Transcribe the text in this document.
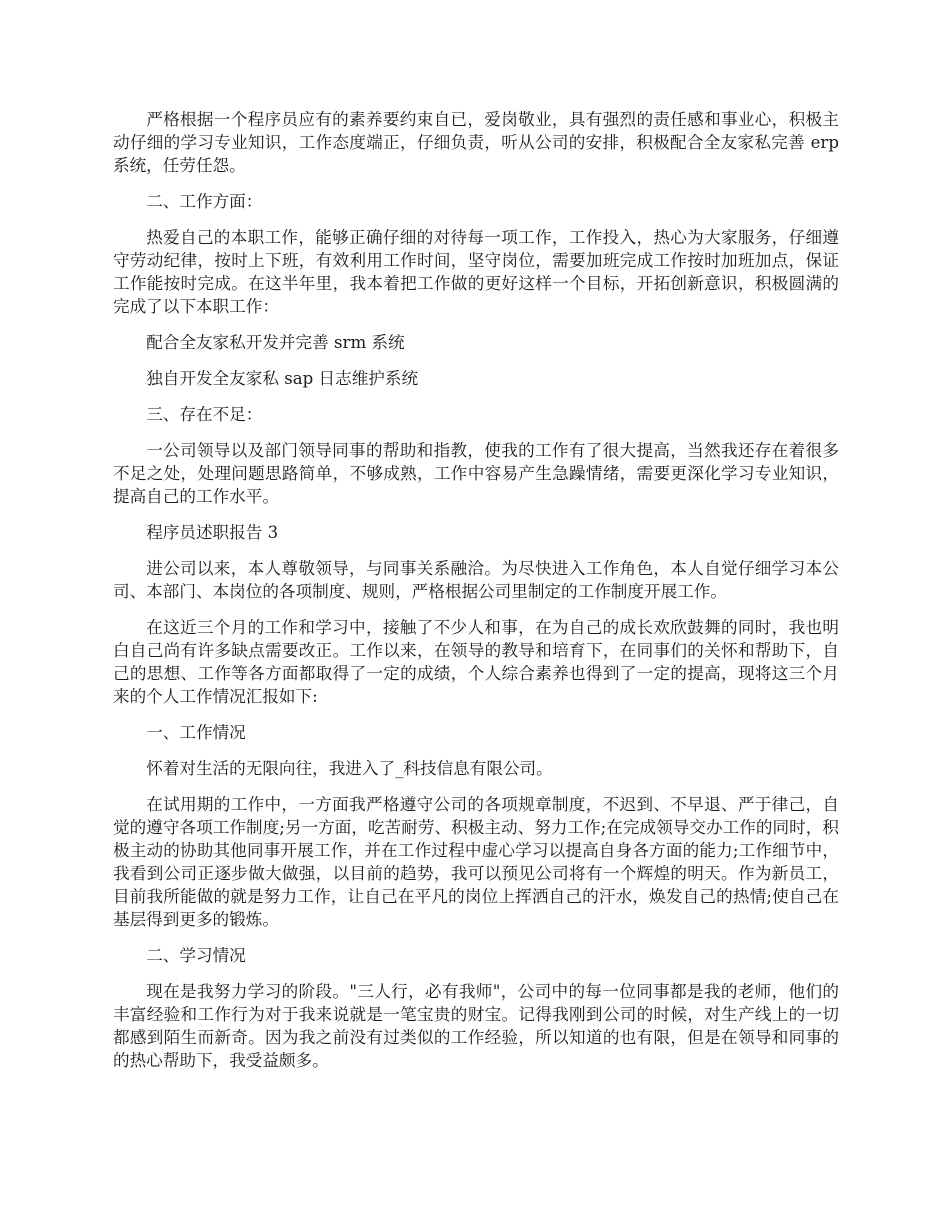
严格根据一个程序员应有的素养要约束自已，爱岗敬业，具有强烈的责任感和事业心，积极主动仔细的学习专业知识，工作态度端正，仔细负责，听从公司的安排，积极配合全友家私完善 erp 系统，任劳任怨。

二、工作方面：

热爱自己的本职工作，能够正确仔细的对待每一项工作，工作投入，热心为大家服务，仔细遵守劳动纪律，按时上下班，有效利用工作时间，坚守岗位，需要加班完成工作按时加班加点，保证工作能按时完成。在这半年里，我本着把工作做的更好这样一个目标，开拓创新意识，积极圆满的完成了以下本职工作：

配合全友家私开发并完善 srm 系统

独自开发全友家私 sap 日志维护系统

三、存在不足：

一公司领导以及部门领导同事的帮助和指教，使我的工作有了很大提高，当然我还存在着很多不足之处，处理问题思路简单，不够成熟，工作中容易产生急躁情绪，需要更深化学习专业知识，提高自己的工作水平。

程序员述职报告 3

进公司以来，本人尊敬领导，与同事关系融洽。为尽快进入工作角色，本人自觉仔细学习本公司、本部门、本岗位的各项制度、规则，严格根据公司里制定的工作制度开展工作。

在这近三个月的工作和学习中，接触了不少人和事，在为自己的成长欢欣鼓舞的同时，我也明白自己尚有许多缺点需要改正。工作以来，在领导的教导和培育下，在同事们的关怀和帮助下，自己的思想、工作等各方面都取得了一定的成绩，个人综合素养也得到了一定的提高，现将这三个月来的个人工作情况汇报如下:

一、工作情况

怀着对生活的无限向往，我进入了_科技信息有限公司。

在试用期的工作中，一方面我严格遵守公司的各项规章制度，不迟到、不早退、严于律己，自觉的遵守各项工作制度;另一方面，吃苦耐劳、积极主动、努力工作;在完成领导交办工作的同时，积极主动的协助其他同事开展工作，并在工作过程中虚心学习以提高自身各方面的能力;工作细节中，我看到公司正逐步做大做强，以目前的趋势，我可以预见公司将有一个辉煌的明天。作为新员工，目前我所能做的就是努力工作，让自己在平凡的岗位上挥洒自己的汗水，焕发自己的热情;使自己在基层得到更多的锻炼。

二、学习情况

现在是我努力学习的阶段。"三人行，必有我师"，公司中的每一位同事都是我的老师，他们的丰富经验和工作行为对于我来说就是一笔宝贵的财宝。记得我刚到公司的时候，对生产线上的一切都感到陌生而新奇。因为我之前没有过类似的工作经验，所以知道的也有限，但是在领导和同事的的热心帮助下，我受益颇多。
